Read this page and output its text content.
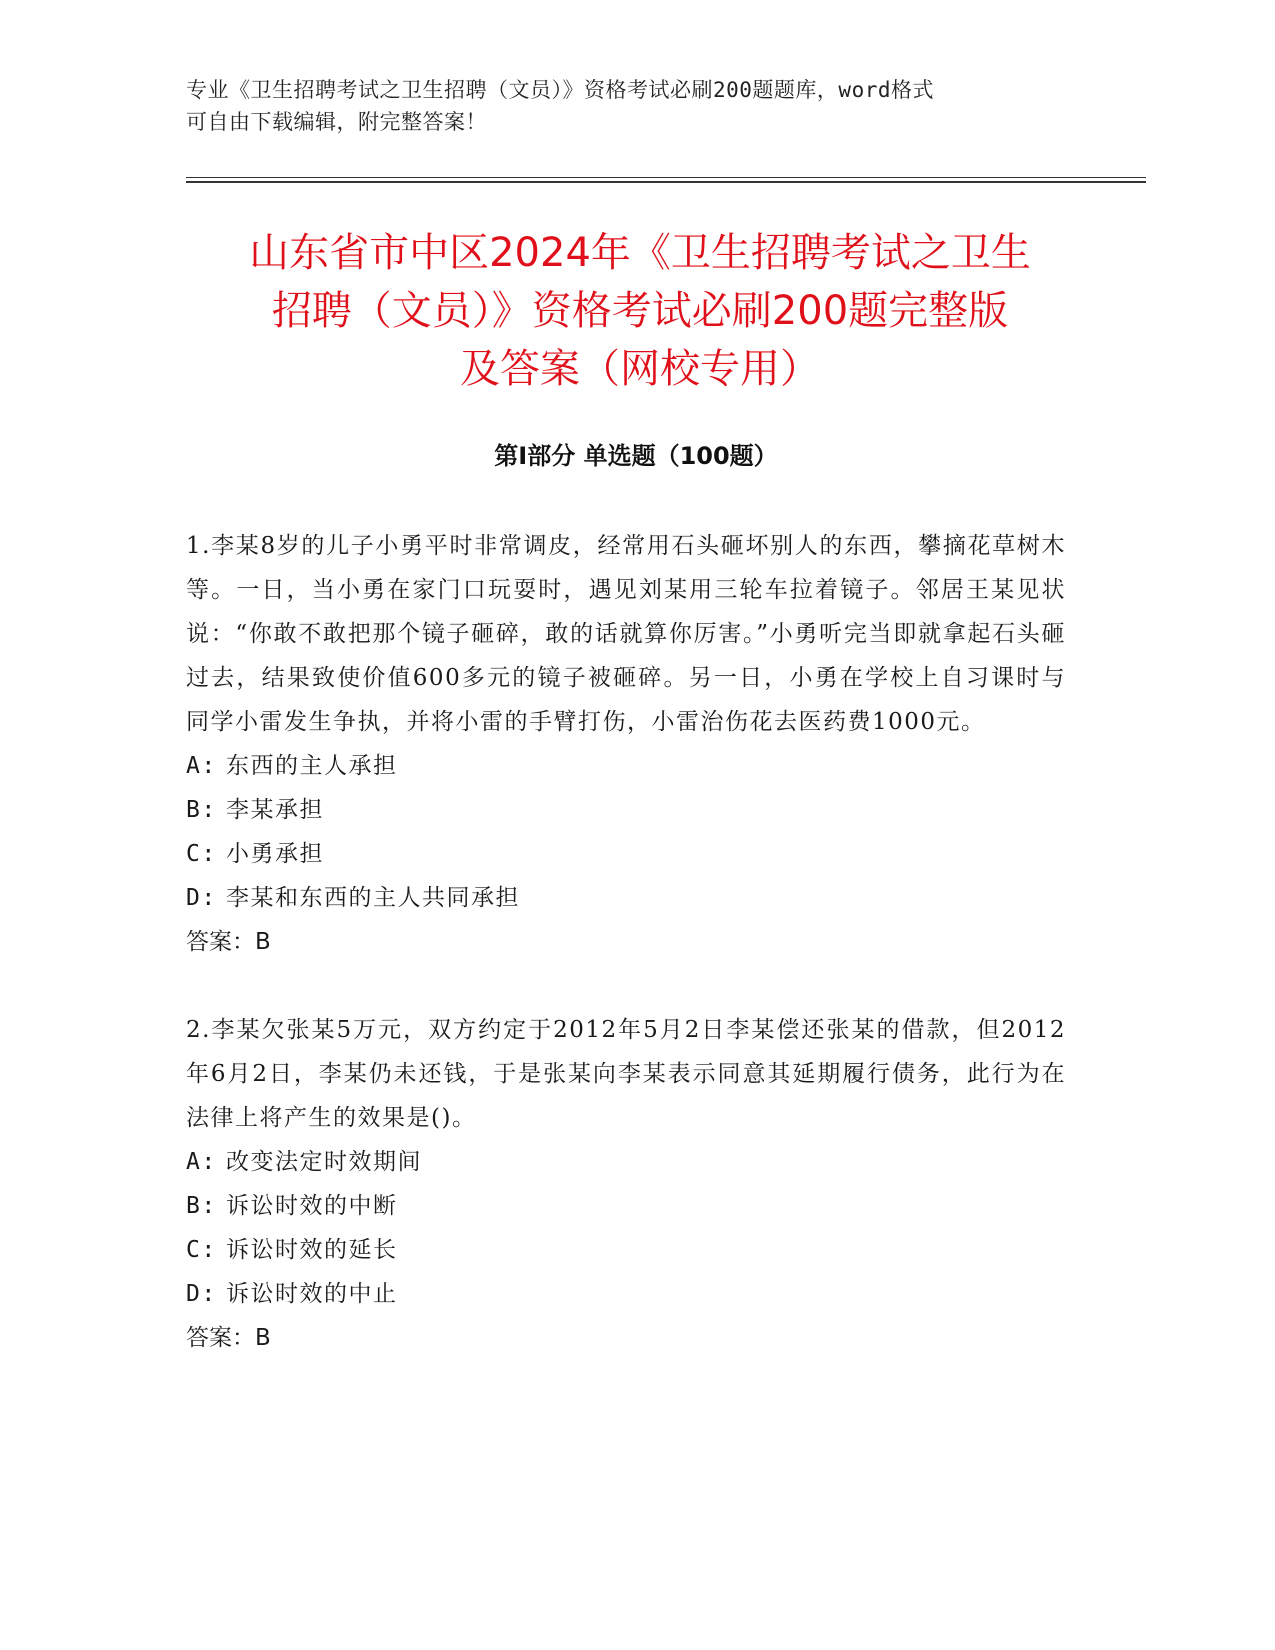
专业《卫生招聘考试之卫生招聘（文员）》资格考试必刷200题题库，word格式
可自由下载编辑，附完整答案！
山东省市中区2024年《卫生招聘考试之卫生
招聘（文员）》资格考试必刷200题完整版
及答案（网校专用）
第Ⅰ部分 单选题（100题）

1.李某8岁的儿子小勇平时非常调皮，经常用石头砸坏别人的东西，攀摘花草树木等。一日，当小勇在家门口玩耍时，遇见刘某用三轮车拉着镜子。邻居王某见状说：“你敢不敢把那个镜子砸碎，敢的话就算你厉害。”小勇听完当即就拿起石头砸过去，结果致使价值600多元的镜子被砸碎。另一日，小勇在学校上自习课时与同学小雷发生争执，并将小雷的手臂打伤，小雷治伤花去医药费1000元。

A: 东西的主人承担

B: 李某承担

C: 小勇承担

D: 李某和东西的主人共同承担

答案：B

2.李某欠张某5万元，双方约定于2012年5月2日李某偿还张某的借款，但2012年6月2日，李某仍未还钱，于是张某向李某表示同意其延期履行债务，此行为在法律上将产生的效果是()。

A: 改变法定时效期间

B: 诉讼时效的中断

C: 诉讼时效的延长

D: 诉讼时效的中止

答案：B
